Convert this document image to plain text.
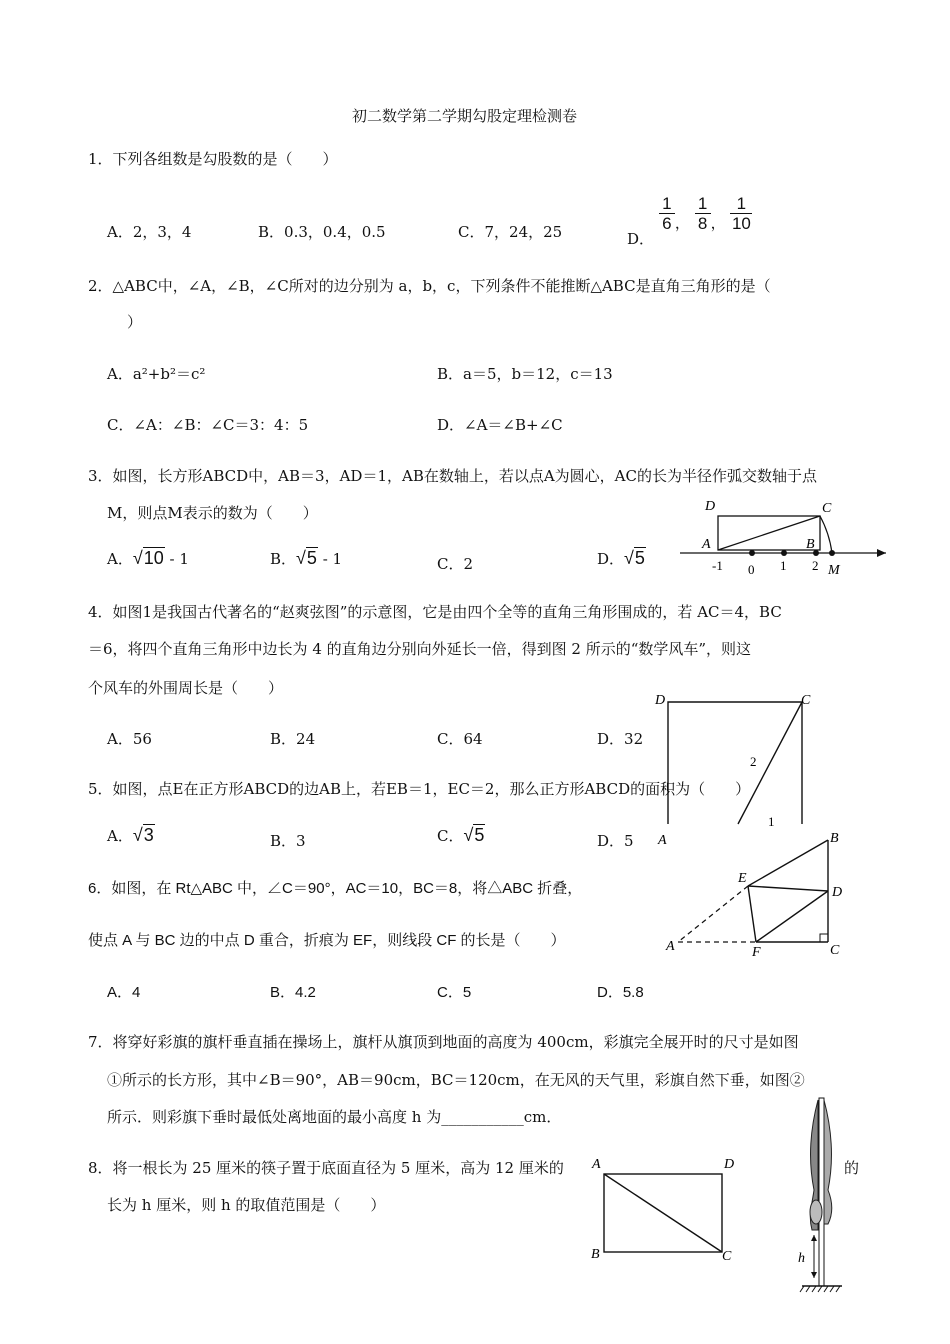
初二数学第二学期勾股定理检测卷
1．下列各组数是勾股数的是（　　）
A．2，3，4	B．0.3，0.4，0.5	C．7，24，25	D．
$\frac{1}{6}$ ， $\frac{1}{8}$ ， $\frac{1}{10}$
2．△ABC中，∠A，∠B，∠C所对的边分别为 a，b，c，下列条件不能推断△ABC是直角三角形的是（
）
A．a²+b²＝c²	B．a＝5，b＝12，c＝13
C．∠A：∠B：∠C＝3：4：5	D．∠A＝∠B+∠C
3．如图，长方形ABCD中，AB＝3，AD＝1，AB在数轴上，若以点A为圆心，AC的长为半径作弧交数轴于点
M，则点M表示的数为（　　）
A．√10 - 1	B．√5 - 1	C．2	D．√5
D	C
A	B
-1 0 1 2 M
4．如图1是我国古代著名的“赵爽弦图”的示意图，它是由四个全等的直角三角形围成的，若 AC＝4，BC
＝6，将四个直角三角形中边长为 4 的直角边分别向外延长一倍，得到图 2 所示的“数学风车”，则这
个风车的外围周长是（　　）
A．56	B．24	C．64	D．32
D	C
2
1
A
5．如图，点E在正方形ABCD的边AB上，若EB＝1，EC＝2，那么正方形ABCD的面积为（　　）
A．√3	B．3	C．√5	D．5
6．如图，在 Rt△ABC 中，∠C＝90°，AC＝10，BC＝8，将△ABC 折叠，
使点 A 与 BC 边的中点 D 重合，折痕为 EF，则线段 CF 的长是（　　）
A．4	B．4.2	C．5	D．5.8
B
E
D
A	F	C
7．将穿好彩旗的旗杆垂直插在操场上，旗杆从旗顶到地面的高度为 400cm，彩旗完全展开时的尺寸是如图
①所示的长方形，其中∠B＝90°，AB＝90cm，BC＝120cm，在无风的天气里，彩旗自然下垂，如图②
所示．则彩旗下垂时最低处离地面的最小高度 h 为___________cm．
8．将一根长为 25 厘米的筷子置于底面直径为 5 厘米，高为 12 厘米的	的
长为 h 厘米，则 h 的取值范围是（　　）
A	D
B	C	h
